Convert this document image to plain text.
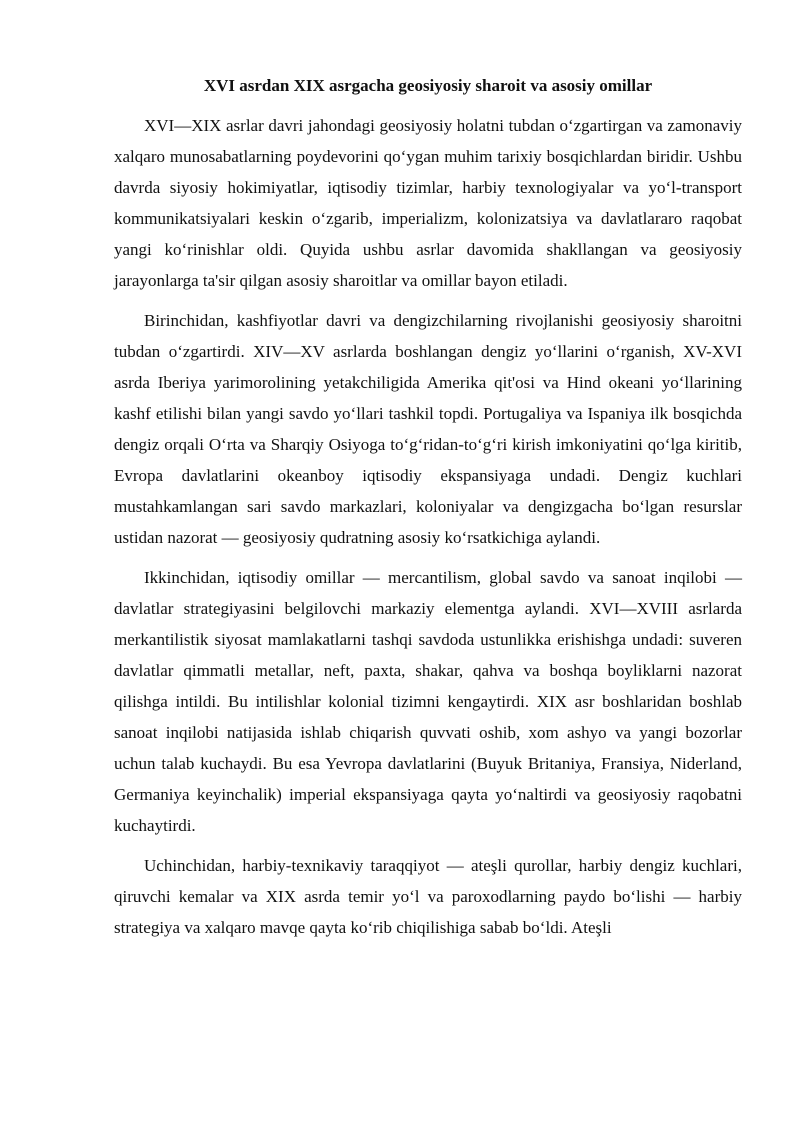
XVI asrdan XIX asrgacha geosiyosiy sharoit va asosiy omillar

XVI—XIX asrlar davri jahondagi geosiyosiy holatni tubdan o‘zgartirgan va zamonaviy xalqaro munosabatlarning poydevorini qo‘ygan muhim tarixiy bosqichlardan biridir. Ushbu davrda siyosiy hokimiyatlar, iqtisodiy tizimlar, harbiy texnologiyalar va yo‘l-transport kommunikatsiyalari keskin o‘zgarib, imperializm, kolonizatsiya va davlatlararo raqobat yangi ko‘rinishlar oldi. Quyida ushbu asrlar davomida shakllangan va geosiyosiy jarayonlarga ta'sir qilgan asosiy sharoitlar va omillar bayon etiladi.

Birinchidan, kashfiyotlar davri va dengizchilarning rivojlanishi geosiyosiy sharoitni tubdan o‘zgartirdi. XIV—XV asrlarda boshlangan dengiz yo‘llarini o‘rganish, XV-XVI asrda Iberiya yarimorolining yetakchiligida Amerika qit'osi va Hind okeani yo‘llarining kashf etilishi bilan yangi savdo yo‘llari tashkil topdi. Portugaliya va Ispaniya ilk bosqichda dengiz orqali O‘rta va Sharqiy Osiyoga to‘g‘ridan-to‘g‘ri kirish imkoniyatini qo‘lga kiritib, Evropa davlatlarini okeanboy iqtisodiy ekspansiyaga undadi. Dengiz kuchlari mustahkamlangan sari savdo markazlari, koloniyalar va dengizgacha bo‘lgan resurslar ustidan nazorat — geosiyosiy qudratning asosiy ko‘rsatkichiga aylandi.

Ikkinchidan, iqtisodiy omillar — mercantilism, global savdo va sanoat inqilobi — davlatlar strategiyasini belgilovchi markaziy elementga aylandi. XVI—XVIII asrlarda merkantilistik siyosat mamlakatlarni tashqi savdoda ustunlikka erishishga undadi: suveren davlatlar qimmatli metallar, neft, paxta, shakar, qahva va boshqa boyliklarni nazorat qilishga intildi. Bu intilishlar kolonial tizimni kengaytirdi. XIX asr boshlaridan boshlab sanoat inqilobi natijasida ishlab chiqarish quvvati oshib, xom ashyo va yangi bozorlar uchun talab kuchaydi. Bu esa Yevropa davlatlarini (Buyuk Britaniya, Fransiya, Niderland, Germaniya keyinchalik) imperial ekspansiyaga qayta yo‘naltirdi va geosiyosiy raqobatni kuchaytirdi.

Uchinchidan, harbiy-texnikaviy taraqqiyot — ateşli qurollar, harbiy dengiz kuchlari, qiruvchi kemalar va XIX asrda temir yo‘l va paroxodlarning paydo bo‘lishi — harbiy strategiya va xalqaro mavqe qayta ko‘rib chiqilishiga sabab bo‘ldi. Ateşli
